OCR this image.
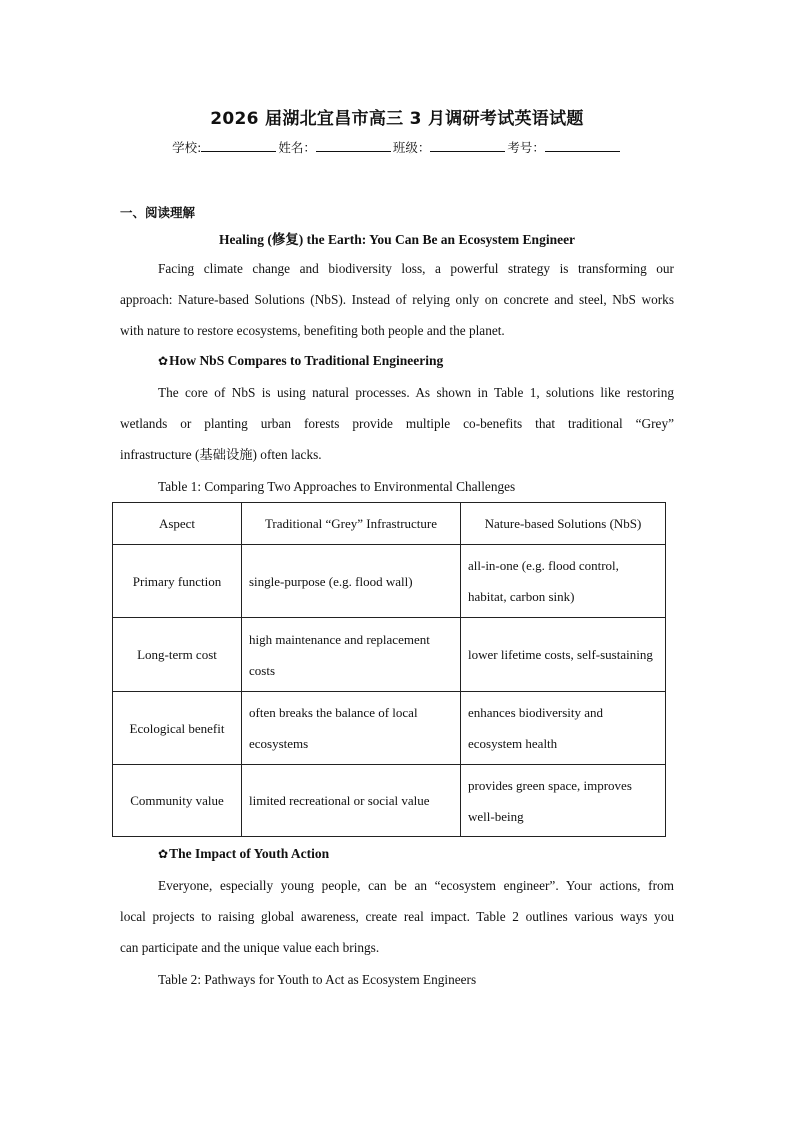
2026 届湖北宜昌市高三 3 月调研考试英语试题
学校:	姓名：	班级：	考号：
一、阅读理解
Healing (修复) the Earth: You Can Be an Ecosystem Engineer

Facing climate change and biodiversity loss, a powerful strategy is transforming our
approach: Nature-based Solutions (NbS). Instead of relying only on concrete and steel, NbS works
with nature to restore ecosystems, benefiting both people and the planet.

✿How NbS Compares to Traditional Engineering

The core of NbS is using natural processes. As shown in Table 1, solutions like restoring
wetlands or planting urban forests provide multiple co-benefits that traditional “Grey”
infrastructure (基础设施) often lacks.

Table 1: Comparing Two Approaches to Environmental Challenges
Aspect	Traditional “Grey” Infrastructure	Nature-based Solutions (NbS)
Primary function	single-purpose (e.g. flood wall)	all-in-one (e.g. flood control, habitat, carbon sink)
Long-term cost	high maintenance and replacement costs	lower lifetime costs, self-sustaining
Ecological benefit	often breaks the balance of local ecosystems	enhances biodiversity and ecosystem health
Community value	limited recreational or social value	provides green space, improves well-being
✿The Impact of Youth Action

Everyone, especially young people, can be an “ecosystem engineer”. Your actions, from
local projects to raising global awareness, create real impact. Table 2 outlines various ways you
can participate and the unique value each brings.

Table 2: Pathways for Youth to Act as Ecosystem Engineers
